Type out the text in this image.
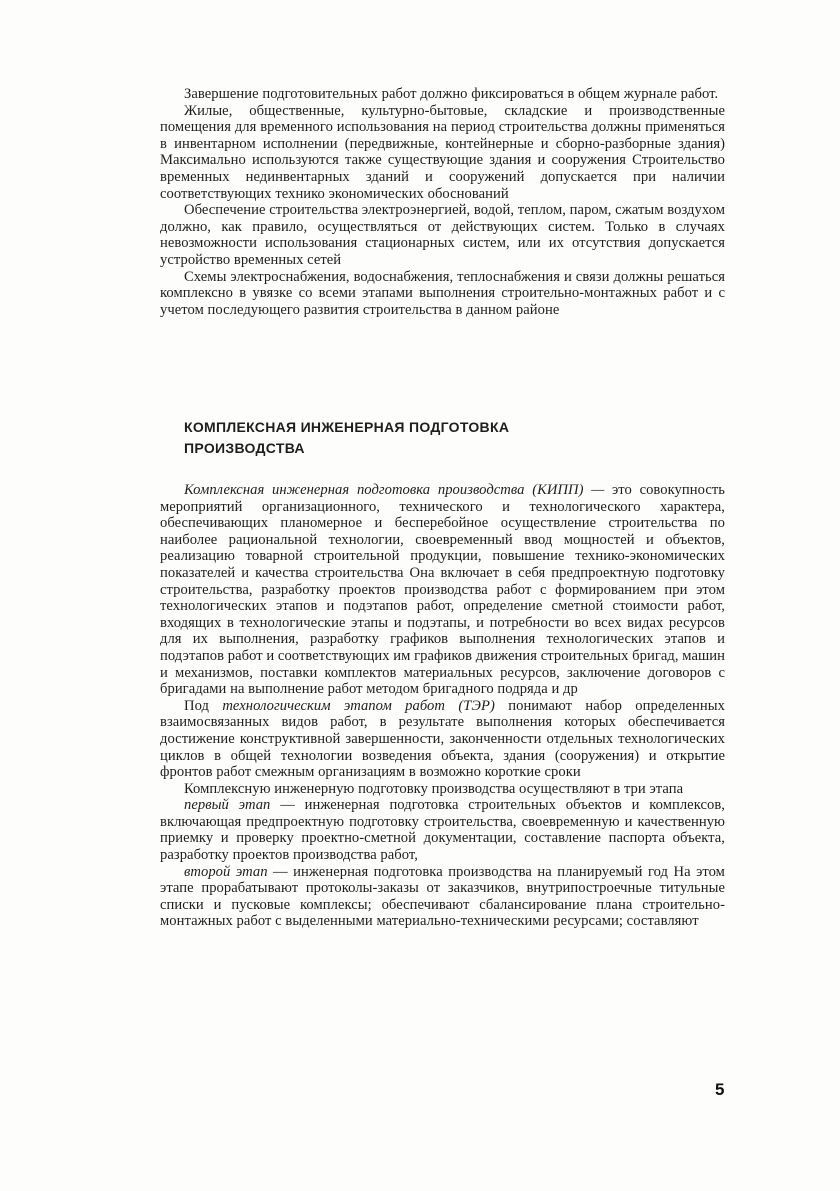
Завершение подготовительных работ должно фиксироваться в общем журнале работ.

Жилые, общественные, культурно-бытовые, складские и производственные помещения для временного использования на период строительства должны применяться в инвентарном исполнении (передвижные, контейнерные и сборно-разборные здания) Максимально используются также существующие здания и сооружения Строительство временных нединвентарных зданий и сооружений допускается при наличии соответствующих технико экономических обоснований

Обеспечение строительства электроэнергией, водой, теплом, паром, сжатым воздухом должно, как правило, осуществляться от действующих систем. Только в случаях невозможности использования стационарных систем, или их отсутствия допускается устройство временных сетей

Схемы электроснабжения, водоснабжения, теплоснабжения и связи должны решаться комплексно в увязке со всеми этапами выполнения строительно-монтажных работ и с учетом последующего развития строительства в данном районе

КОМПЛЕКСНАЯ ИНЖЕНЕРНАЯ ПОДГОТОВКА
ПРОИЗВОДСТВА

Комплексная инженерная подготовка производства (КИПП) — это совокупность мероприятий организационного, технического и технологического характера, обеспечивающих планомерное и бесперебойное осуществление строительства по наиболее рациональной технологии, своевременный ввод мощностей и объектов, реализацию товарной строительной продукции, повышение технико-экономических показателей и качества строительства Она включает в себя предпроектную подготовку строительства, разработку проектов производства работ с формированием при этом технологических этапов и подэтапов работ, определение сметной стоимости работ, входящих в технологические этапы и подэтапы, и потребности во всех видах ресурсов для их выполнения, разработку графиков выполнения технологических этапов и подэтапов работ и соответствующих им графиков движения строительных бригад, машин и механизмов, поставки комплектов материальных ресурсов, заключение договоров с бригадами на выполнение работ методом бригадного подряда и др

Под технологическим этапом работ (ТЭР) понимают набор определенных взаимосвязанных видов работ, в результате выполнения которых обеспечивается достижение конструктивной завершенности, законченности отдельных технологических циклов в общей технологии возведения объекта, здания (сооружения) и открытие фронтов работ смежным организациям в возможно короткие сроки

Комплексную инженерную подготовку производства осуществляют в три этапа

первый этап — инженерная подготовка строительных объектов и комплексов, включающая предпроектную подготовку строительства, своевременную и качественную приемку и проверку проектно-сметной документации, составление паспорта объекта, разработку проектов производства работ,

второй этап — инженерная подготовка производства на планируемый год На этом этапе прорабатывают протоколы-заказы от заказчиков, внутрипостроечные титульные списки и пусковые комплексы; обеспечивают сбалансирование плана строительно-монтажных работ с выделенными материально-техническими ресурсами; составляют

5
